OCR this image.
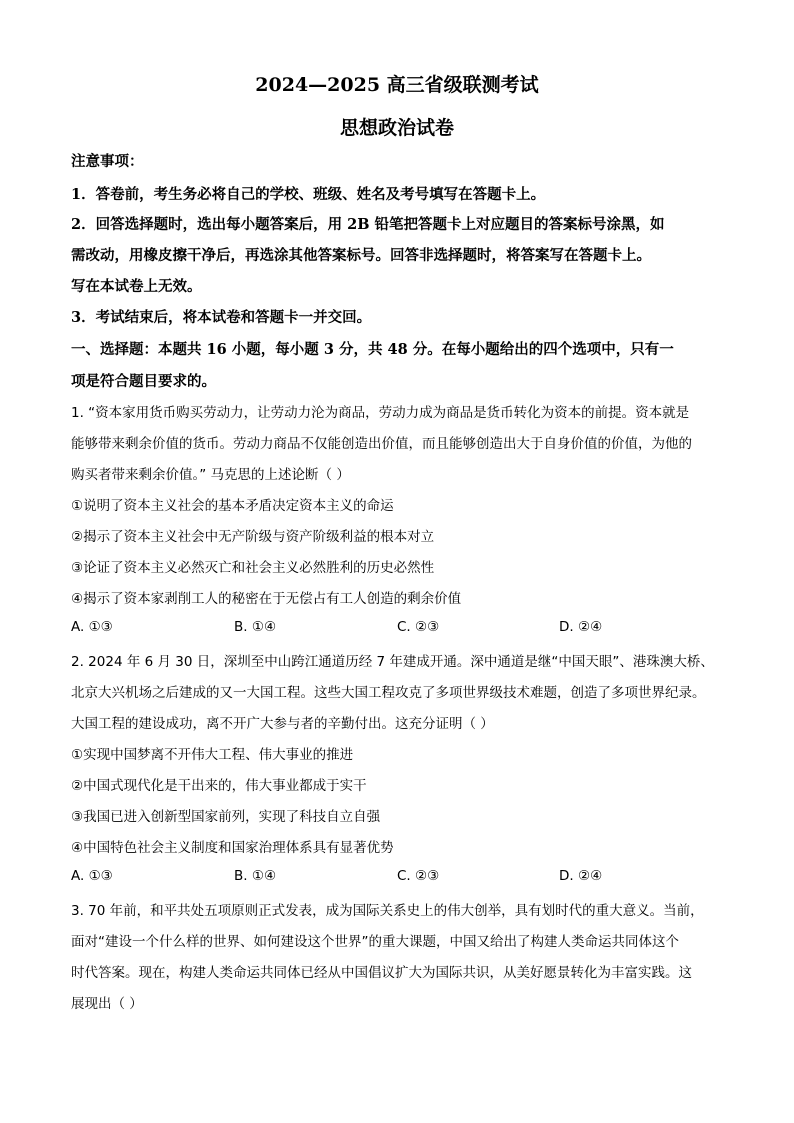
2024—2025 高三省级联测考试
思想政治试卷
注意事项：
1．答卷前，考生务必将自己的学校、班级、姓名及考号填写在答题卡上。
2．回答选择题时，选出每小题答案后，用 2B 铅笔把答题卡上对应题目的答案标号涂黑，如
需改动，用橡皮擦干净后，再选涂其他答案标号。回答非选择题时，将答案写在答题卡上。
写在本试卷上无效。
3．考试结束后，将本试卷和答题卡一并交回。
一、选择题：本题共 16 小题，每小题 3 分，共 48 分。在每小题给出的四个选项中，只有一
项是符合题目要求的。
1. “资本家用货币购买劳动力，让劳动力沦为商品，劳动力成为商品是货币转化为资本的前提。资本就是
能够带来剩余价值的货币。劳动力商品不仅能创造出价值，而且能够创造出大于自身价值的价值，为他的
购买者带来剩余价值。” 马克思的上述论断（ ）
①说明了资本主义社会的基本矛盾决定资本主义的命运
②揭示了资本主义社会中无产阶级与资产阶级利益的根本对立
③论证了资本主义必然灭亡和社会主义必然胜利的历史必然性
④揭示了资本家剥削工人的秘密在于无偿占有工人创造的剩余价值
A. ①③	B. ①④	C. ②③	D. ②④
2. 2024 年 6 月 30 日，深圳至中山跨江通道历经 7 年建成开通。深中通道是继“中国天眼”、港珠澳大桥、
北京大兴机场之后建成的又一大国工程。这些大国工程攻克了多项世界级技术难题，创造了多项世界纪录。
大国工程的建设成功，离不开广大参与者的辛勤付出。这充分证明（ ）
①实现中国梦离不开伟大工程、伟大事业的推进
②中国式现代化是干出来的，伟大事业都成于实干
③我国已进入创新型国家前列，实现了科技自立自强
④中国特色社会主义制度和国家治理体系具有显著优势
A. ①③	B. ①④	C. ②③	D. ②④
3. 70 年前，和平共处五项原则正式发表，成为国际关系史上的伟大创举，具有划时代的重大意义。当前，
面对“建设一个什么样的世界、如何建设这个世界”的重大课题，中国又给出了构建人类命运共同体这个
时代答案。现在，构建人类命运共同体已经从中国倡议扩大为国际共识，从美好愿景转化为丰富实践。这
展现出（ ）
